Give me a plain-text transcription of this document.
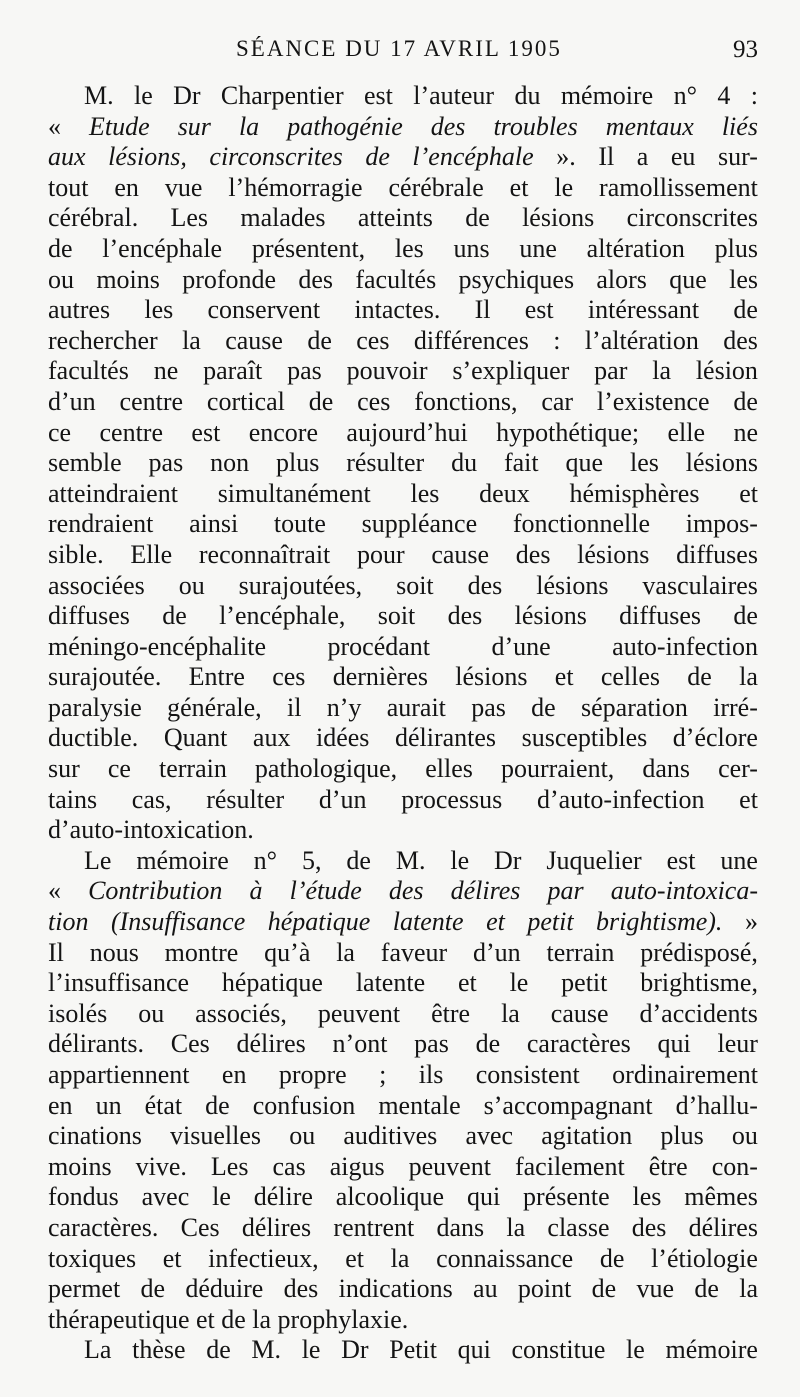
SÉANCE DU 17 AVRIL 1905	93
M. le Dr Charpentier est l’auteur du mémoire n° 4 :
« Etude sur la pathogénie des troubles mentaux liés
aux lésions, circonscrites de l’encéphale ». Il a eu sur-
tout en vue l’hémorragie cérébrale et le ramollissement
cérébral. Les malades atteints de lésions circonscrites
de l’encéphale présentent, les uns une altération plus
ou moins profonde des facultés psychiques alors que les
autres les conservent intactes. Il est intéressant de
rechercher la cause de ces différences : l’altération des
facultés ne paraît pas pouvoir s’expliquer par la lésion
d’un centre cortical de ces fonctions, car l’existence de
ce centre est encore aujourd’hui hypothétique; elle ne
semble pas non plus résulter du fait que les lésions
atteindraient simultanément les deux hémisphères et
rendraient ainsi toute suppléance fonctionnelle impos-
sible. Elle reconnaîtrait pour cause des lésions diffuses
associées ou surajoutées, soit des lésions vasculaires
diffuses de l’encéphale, soit des lésions diffuses de
méningo-encéphalite procédant d’une auto-infection
surajoutée. Entre ces dernières lésions et celles de la
paralysie générale, il n’y aurait pas de séparation irré-
ductible. Quant aux idées délirantes susceptibles d’éclore
sur ce terrain pathologique, elles pourraient, dans cer-
tains cas, résulter d’un processus d’auto-infection et
d’auto-intoxication.
Le mémoire n° 5, de M. le Dr Juquelier est une
« Contribution à l’étude des délires par auto-intoxica-
tion (Insuffisance hépatique latente et petit brightisme). »
Il nous montre qu’à la faveur d’un terrain prédisposé,
l’insuffisance hépatique latente et le petit brightisme,
isolés ou associés, peuvent être la cause d’accidents
délirants. Ces délires n’ont pas de caractères qui leur
appartiennent en propre ; ils consistent ordinairement
en un état de confusion mentale s’accompagnant d’hallu-
cinations visuelles ou auditives avec agitation plus ou
moins vive. Les cas aigus peuvent facilement être con-
fondus avec le délire alcoolique qui présente les mêmes
caractères. Ces délires rentrent dans la classe des délires
toxiques et infectieux, et la connaissance de l’étiologie
permet de déduire des indications au point de vue de la
thérapeutique et de la prophylaxie.
La thèse de M. le Dr Petit qui constitue le mémoire
